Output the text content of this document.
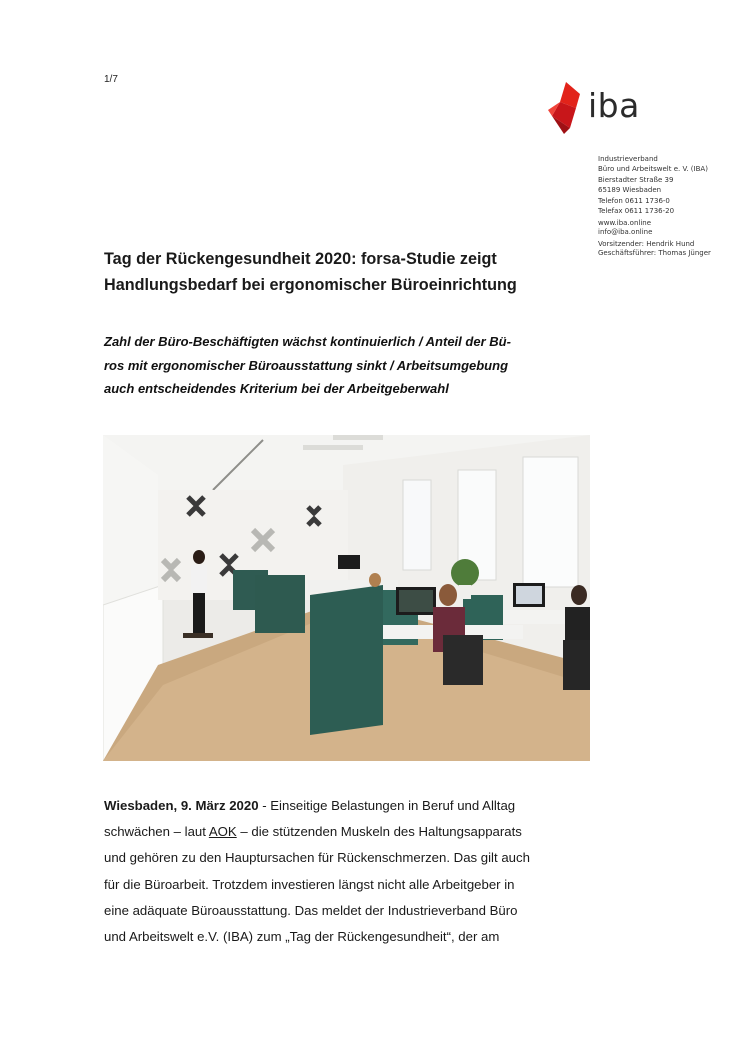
1/7
iba
Industrieverband
Büro und Arbeitswelt e. V. (IBA)
Bierstadter Straße 39
65189 Wiesbaden
Telefon 0611 1736-0
Telefax 0611 1736-20
www.iba.online
info@iba.online
Vorsitzender: Hendrik Hund
Geschäftsführer: Thomas Jünger
Tag der Rückengesundheit 2020: forsa-Studie zeigt
Handlungsbedarf bei ergonomischer Büroeinrichtung
Zahl der Büro-Beschäftigten wächst kontinuierlich / Anteil der Bü-
ros mit ergonomischer Büroausstattung sinkt / Arbeitsumgebung
auch entscheidendes Kriterium bei der Arbeitgeberwahl
Wiesbaden, 9. März 2020 - Einseitige Belastungen in Beruf und Alltag
schwächen – laut AOK – die stützenden Muskeln des Haltungsapparats
und gehören zu den Hauptursachen für Rückenschmerzen. Das gilt auch
für die Büroarbeit. Trotzdem investieren längst nicht alle Arbeitgeber in
eine adäquate Büroausstattung. Das meldet der Industrieverband Büro
und Arbeitswelt e.V. (IBA) zum „Tag der Rückengesundheit“, der am
